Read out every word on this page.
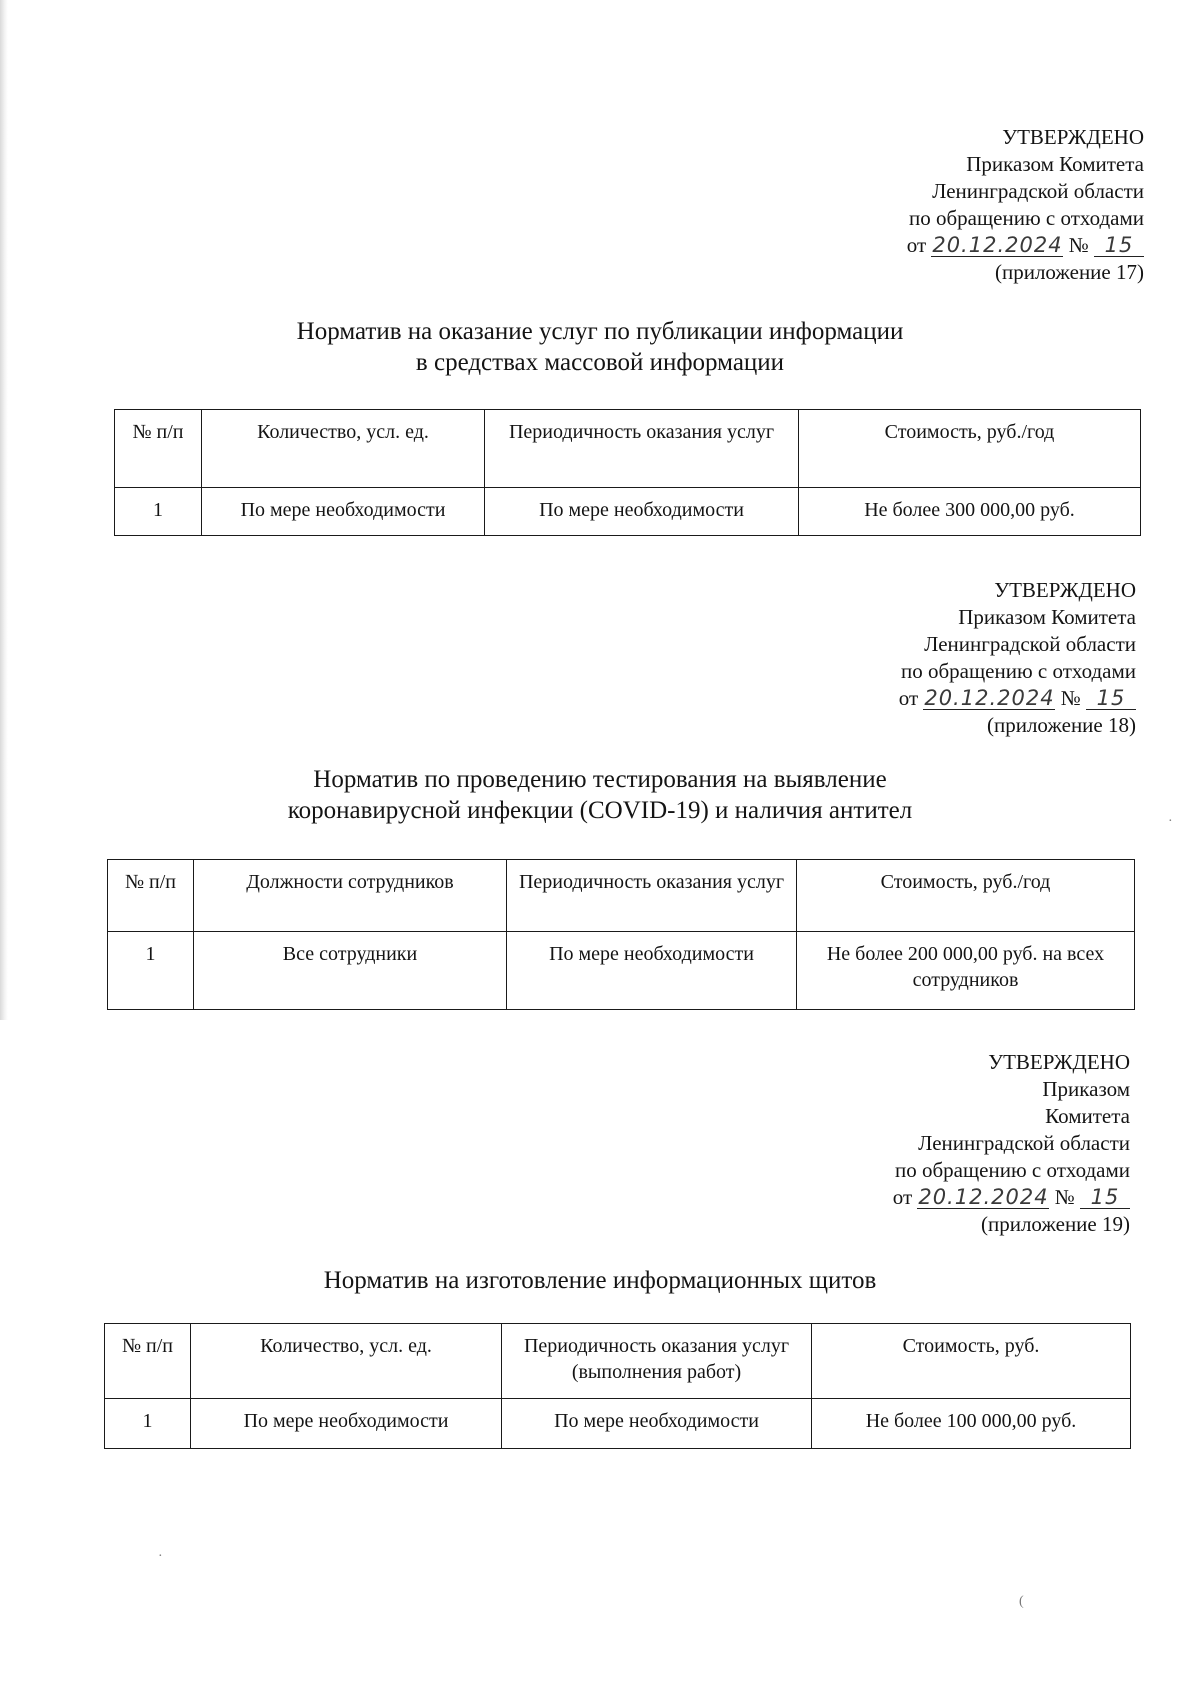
УТВЕРЖДЕНО
Приказом Комитета
Ленинградской области
по обращению с отходами
от 20.12.2024 № 15
(приложение 17)
Норматив на оказание услуг по публикации информации
в средствах массовой информации
№ п/п	Количество, усл. ед.	Периодичность оказания услуг	Стоимость, руб./год
1	По мере необходимости	По мере необходимости	Не более 300 000,00 руб.
УТВЕРЖДЕНО
Приказом Комитета
Ленинградской области
по обращению с отходами
от 20.12.2024 № 15
(приложение 18)
Норматив по проведению тестирования на выявление
коронавирусной инфекции (COVID-19) и наличия антител
№ п/п	Должности сотрудников	Периодичность оказания услуг	Стоимость, руб./год
1	Все сотрудники	По мере необходимости	Не более 200 000,00 руб. на всех сотрудников
УТВЕРЖДЕНО
Приказом
Комитета
Ленинградской области
по обращению с отходами
от 20.12.2024 № 15
(приложение 19)
Норматив на изготовление информационных щитов
№ п/п	Количество, усл. ед.	Периодичность оказания услуг (выполнения работ)	Стоимость, руб.
1	По мере необходимости	По мере необходимости	Не более 100 000,00 руб.
·
(
·
